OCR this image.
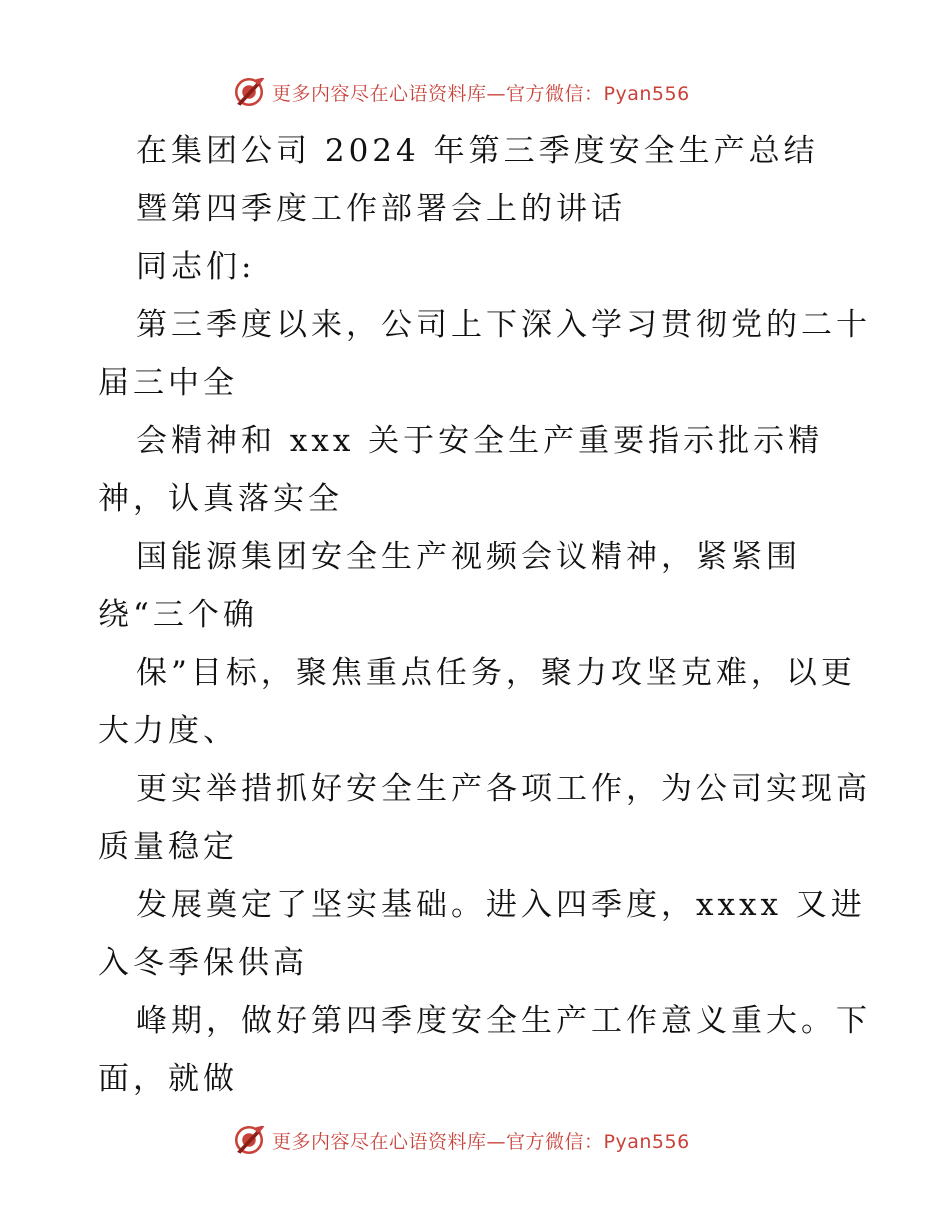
更多内容尽在心语资料库—官方微信：Pyan556
在集团公司 2024 年第三季度安全生产总结
暨第四季度工作部署会上的讲话
同志们:
第三季度以来，公司上下深入学习贯彻党的二十
届三中全
会精神和 xxx 关于安全生产重要指示批示精
神，认真落实全
国能源集团安全生产视频会议精神，紧紧围
绕“三个确
保”目标，聚焦重点任务，聚力攻坚克难，以更
大力度、
更实举措抓好安全生产各项工作，为公司实现高
质量稳定
发展奠定了坚实基础。进入四季度，xxxx 又进
入冬季保供高
峰期，做好第四季度安全生产工作意义重大。下
面，就做
更多内容尽在心语资料库—官方微信：Pyan556
